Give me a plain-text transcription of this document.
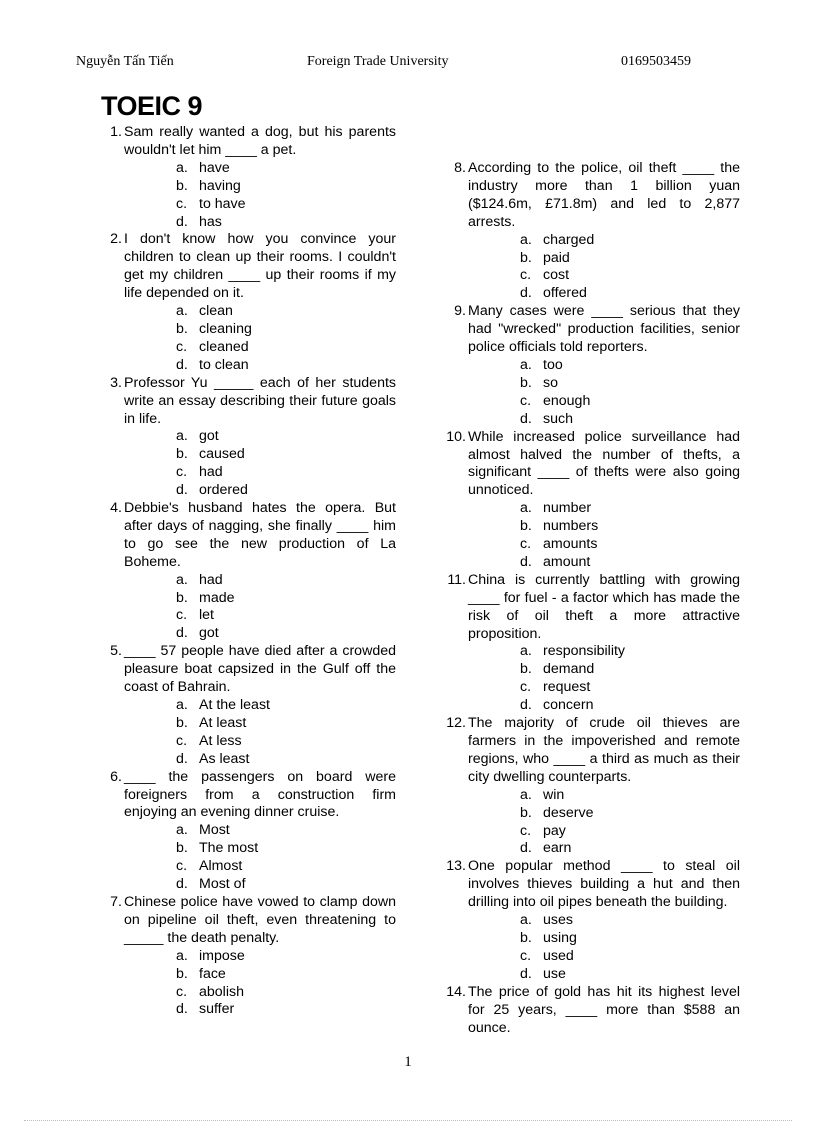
Nguyễn Tấn Tiến	Foreign Trade University	0169503459
TOEIC 9
1. Sam really wanted a dog, but his parents wouldn't let him ____ a pet.

a. have
b. having
c. to have
d. has
2. I don't know how you convince your children to clean up their rooms. I couldn't get my children ____ up their rooms if my life depended on it.

a. clean
b. cleaning
c. cleaned
d. to clean
3. Professor Yu _____ each of her students write an essay describing their future goals in life.

a. got
b. caused
c. had
d. ordered
4. Debbie's husband hates the opera. But after days of nagging, she finally ____ him to go see the new production of La Boheme.

a. had
b. made
c. let
d. got
5. ____ 57 people have died after a crowded pleasure boat capsized in the Gulf off the coast of Bahrain.

a. At the least
b. At least
c. At less
d. As least
6. ____ the passengers on board were foreigners from a construction firm enjoying an evening dinner cruise.

a. Most
b. The most
c. Almost
d. Most of
7. Chinese police have vowed to clamp down on pipeline oil theft, even threatening to _____ the death penalty.

a. impose
b. face
c. abolish
d. suffer
8. According to the police, oil theft ____ the industry more than 1 billion yuan ($124.6m, £71.8m) and led to 2,877 arrests.

a. charged
b. paid
c. cost
d. offered
9. Many cases were ____ serious that they had "wrecked" production facilities, senior police officials told reporters.

a. too
b. so
c. enough
d. such
10. While increased police surveillance had almost halved the number of thefts, a significant ____ of thefts were also going unnoticed.

a. number
b. numbers
c. amounts
d. amount
11. China is currently battling with growing ____ for fuel - a factor which has made the risk of oil theft a more attractive proposition.

a. responsibility
b. demand
c. request
d. concern
12. The majority of crude oil thieves are farmers in the impoverished and remote regions, who ____ a third as much as their city dwelling counterparts.

a. win
b. deserve
c. pay
d. earn
13. One popular method ____ to steal oil involves thieves building a hut and then drilling into oil pipes beneath the building.

a. uses
b. using
c. used
d. use
14. The price of gold has hit its highest level for 25 years, ____ more than $588 an ounce.

1
